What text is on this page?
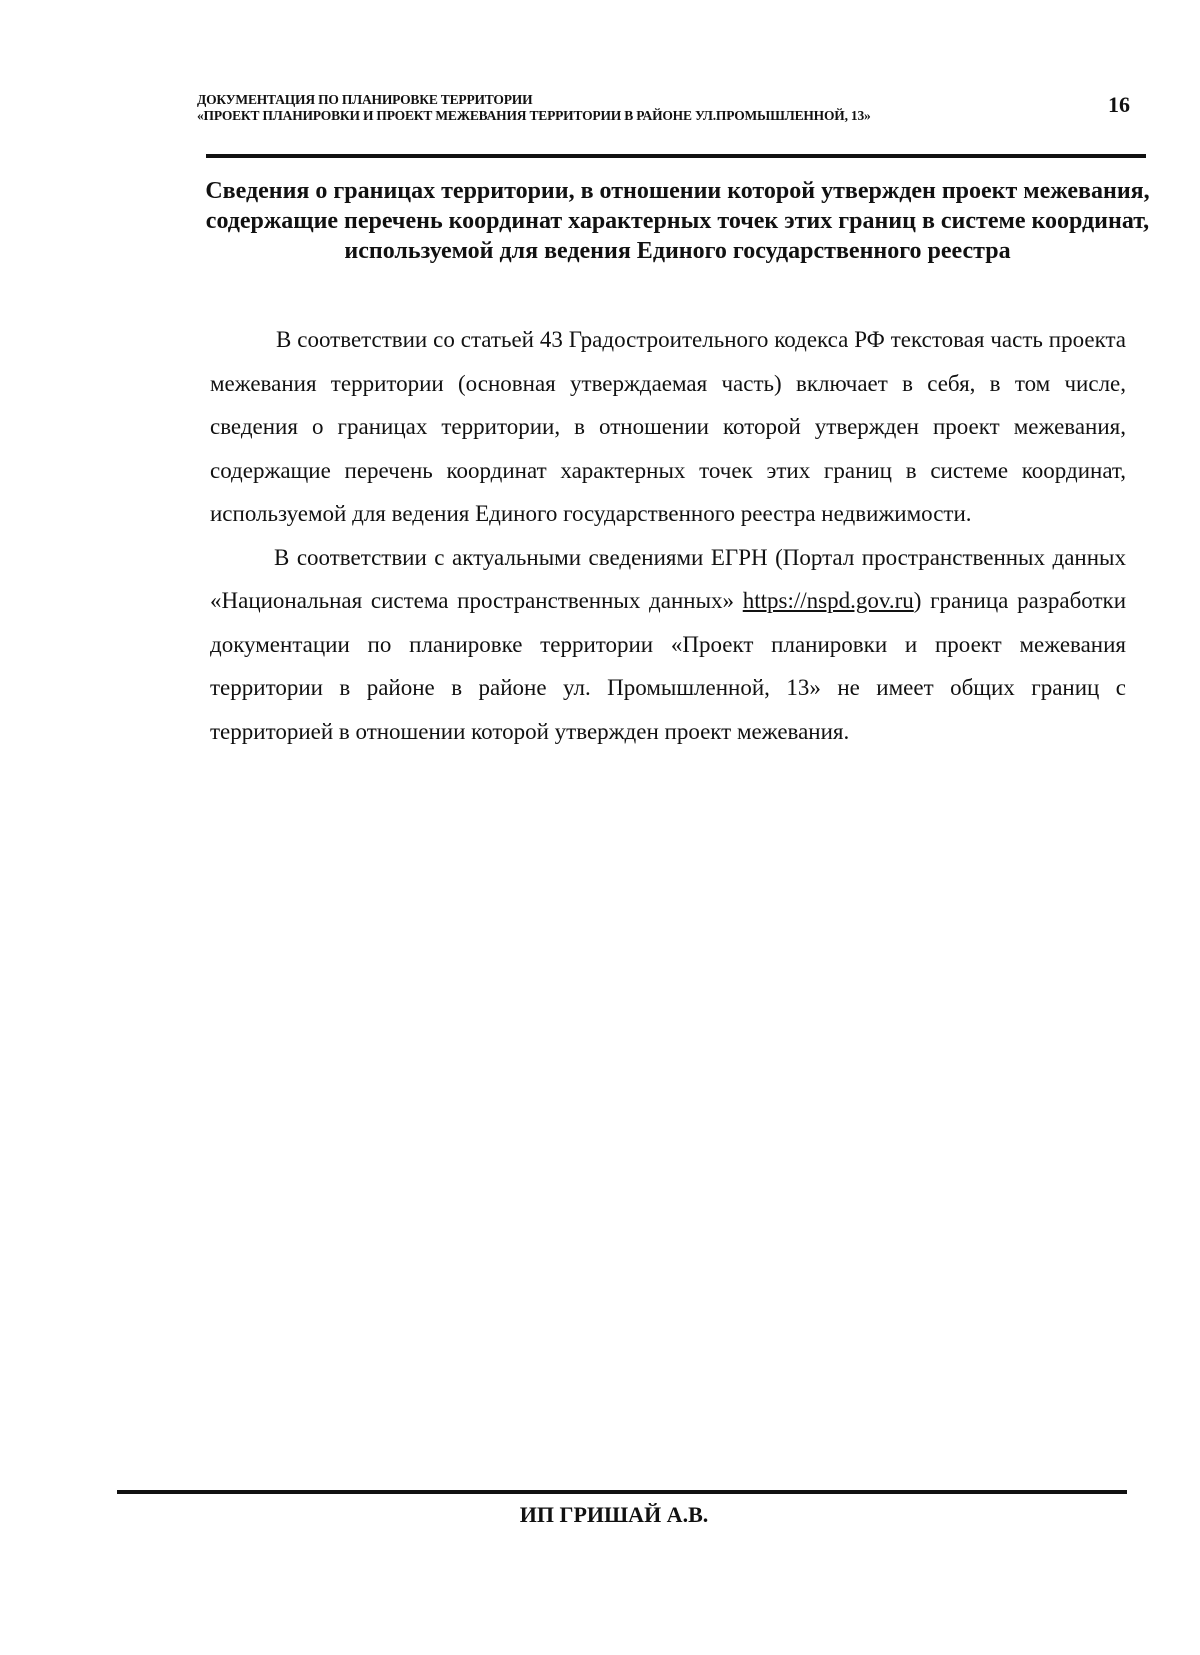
ДОКУМЕНТАЦИЯ ПО ПЛАНИРОВКЕ ТЕРРИТОРИИ
«ПРОЕКТ ПЛАНИРОВКИ И ПРОЕКТ МЕЖЕВАНИЯ ТЕРРИТОРИИ В РАЙОНЕ УЛ.ПРОМЫШЛЕННОЙ, 13»	16
Сведения о границах территории, в отношении которой утвержден проект межевания, содержащие перечень координат характерных точек этих границ в системе координат, используемой для ведения Единого государственного реестра

В соответствии со статьей 43 Градостроительного кодекса РФ текстовая часть проекта межевания территории (основная утверждаемая часть) включает в себя, в том числе, сведения о границах территории, в отношении которой утвержден проект межевания, содержащие перечень координат характерных точек этих границ в системе координат, используемой для ведения Единого государственного реестра недвижимости.

В соответствии с актуальными сведениями ЕГРН (Портал пространственных данных «Национальная система пространственных данных» https://nspd.gov.ru) граница разработки документации по планировке территории «Проект планировки и проект межевания территории в районе в районе ул. Промышленной, 13» не имеет общих границ с территорией в отношении которой утвержден проект межевания.

ИП ГРИШАЙ А.В.
